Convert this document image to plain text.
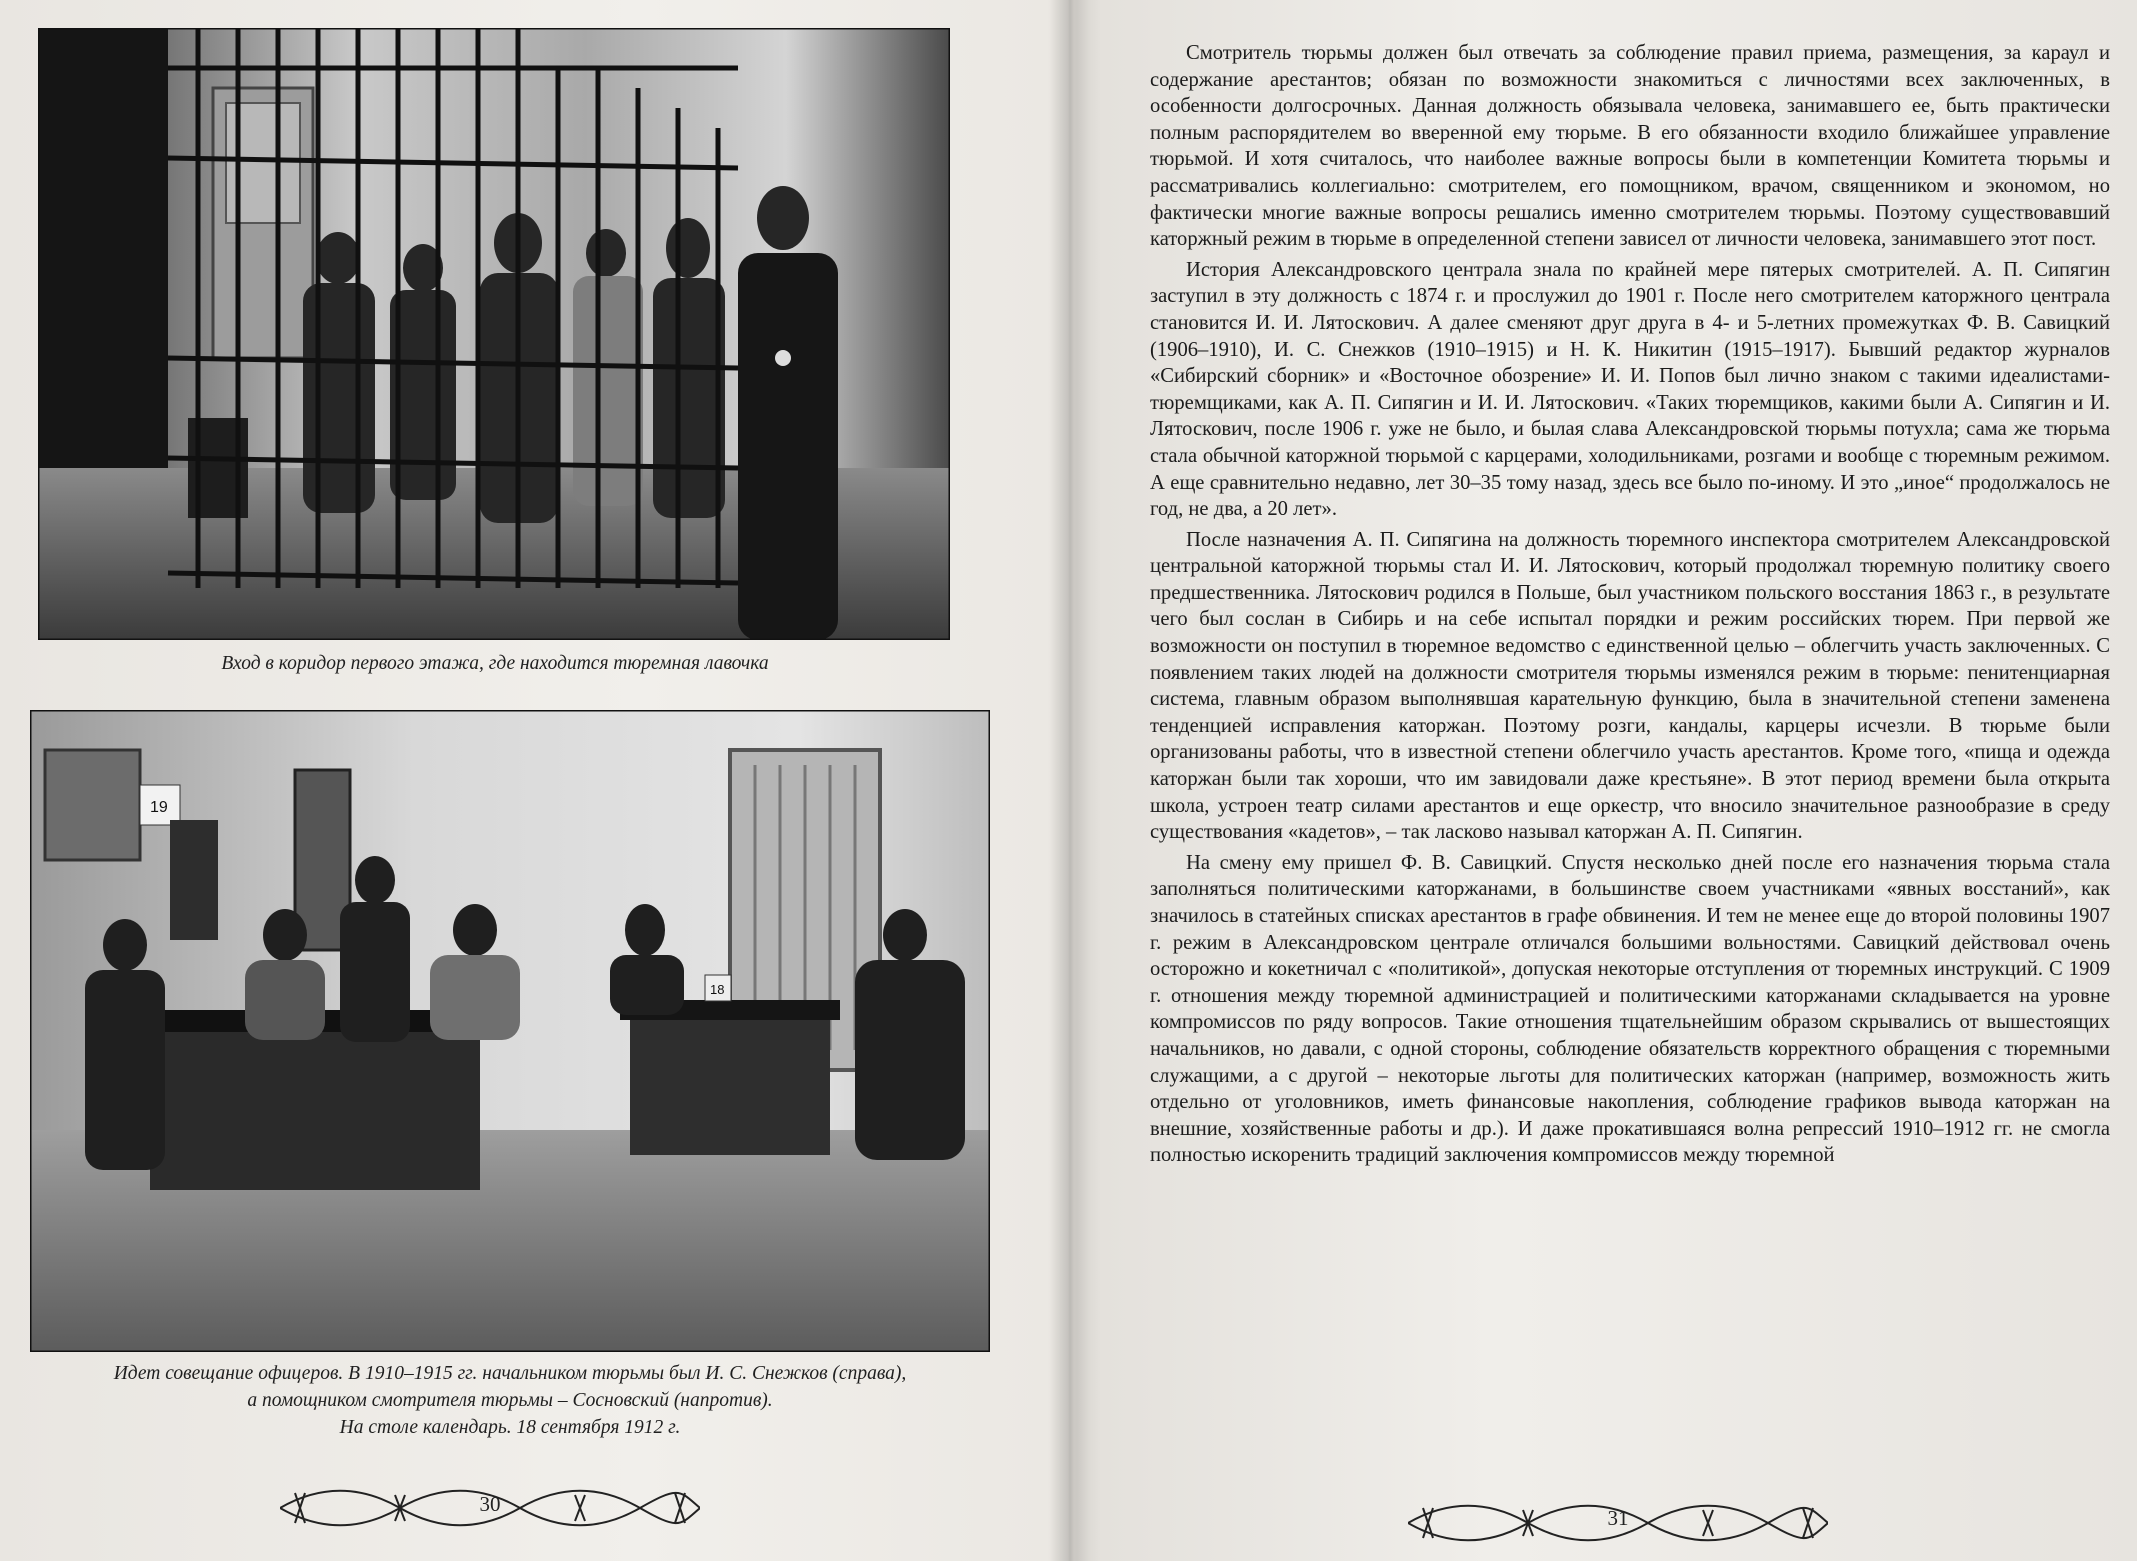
Вход в коридор первого этажа, где находится тюремная лавочка
19
18
Идет совещание офицеров. В 1910–1915 гг. начальником тюрьмы был И. С. Снежков (справа),
а помощником смотрителя тюрьмы – Сосновский (напротив).
На столе календарь. 18 сентября 1912 г.
30

Смотритель тюрьмы должен был отвечать за соблюдение правил приема, размещения, за караул и содержание арестантов; обязан по возможности знакомиться с личностями всех заключенных, в особенности долгосрочных. Данная должность обязывала человека, занимавшего ее, быть практически полным распорядителем во вверенной ему тюрьме. В его обязанности входило ближайшее управление тюрьмой. И хотя считалось, что наиболее важные вопросы были в компетенции Комитета тюрьмы и рассматривались коллегиально: смотрителем, его помощником, врачом, священником и экономом, но фактически многие важные вопросы решались именно смотрителем тюрьмы. Поэтому существовавший каторжный режим в тюрьме в определенной степени зависел от личности человека, занимавшего этот пост.

История Александровского централа знала по крайней мере пятерых смотрителей. А. П. Сипягин заступил в эту должность с 1874 г. и прослужил до 1901 г. После него смотрителем каторжного централа становится И. И. Лятоскович. А далее сменяют друг друга в 4- и 5-летних промежутках Ф. В. Савицкий (1906–1910), И. С. Снежков (1910–1915) и Н. К. Никитин (1915–1917). Бывший редактор журналов «Сибирский сборник» и «Восточное обозрение» И. И. Попов был лично знаком с такими идеалистами-тюремщиками, как А. П. Сипягин и И. И. Лятоскович. «Таких тюремщиков, какими были А. Сипягин и И. Лятоскович, после 1906 г. уже не было, и былая слава Александровской тюрьмы потухла; сама же тюрьма стала обычной каторжной тюрьмой с карцерами, холодильниками, розгами и вообще с тюремным режимом. А еще сравнительно недавно, лет 30–35 тому назад, здесь все было по-иному. И это „иное“ продолжалось не год, не два, а 20 лет».

После назначения А. П. Сипягина на должность тюремного инспектора смотрителем Александровской центральной каторжной тюрьмы стал И. И. Лятоскович, который продолжал тюремную политику своего предшественника. Лятоскович родился в Польше, был участником польского восстания 1863 г., в результате чего был сослан в Сибирь и на себе испытал порядки и режим российских тюрем. При первой же возможности он поступил в тюремное ведомство с единственной целью – облегчить участь заключенных. С появлением таких людей на должности смотрителя тюрьмы изменялся режим в тюрьме: пенитенциарная система, главным образом выполнявшая карательную функцию, была в значительной степени заменена тенденцией исправления каторжан. Поэтому розги, кандалы, карцеры исчезли. В тюрьме были организованы работы, что в известной степени облегчило участь арестантов. Кроме того, «пища и одежда каторжан были так хороши, что им завидовали даже крестьяне». В этот период времени была открыта школа, устроен театр силами арестантов и еще оркестр, что вносило значительное разнообразие в среду существования «кадетов», – так ласково называл каторжан А. П. Сипягин.

На смену ему пришел Ф. В. Савицкий. Спустя несколько дней после его назначения тюрьма стала заполняться политическими каторжанами, в большинстве своем участниками «явных восстаний», как значилось в статейных списках арестантов в графе обвинения. И тем не менее еще до второй половины 1907 г. режим в Александровском централе отличался большими вольностями. Савицкий действовал очень осторожно и кокетничал с «политикой», допуская некоторые отступления от тюремных инструкций. С 1909 г. отношения между тюремной администрацией и политическими каторжанами складывается на уровне компромиссов по ряду вопросов. Такие отношения тщательнейшим образом скрывались от вышестоящих начальников, но давали, с одной стороны, соблюдение обязательств корректного обращения с тюремными служащими, а с другой – некоторые льготы для политических каторжан (например, возможность жить отдельно от уголовников, иметь финансовые накопления, соблюдение графиков вывода каторжан на внешние, хозяйственные работы и др.). И даже прокатившаяся волна репрессий 1910–1912 гг. не смогла полностью искоренить традиций заключения компромиссов между тюремной

31
